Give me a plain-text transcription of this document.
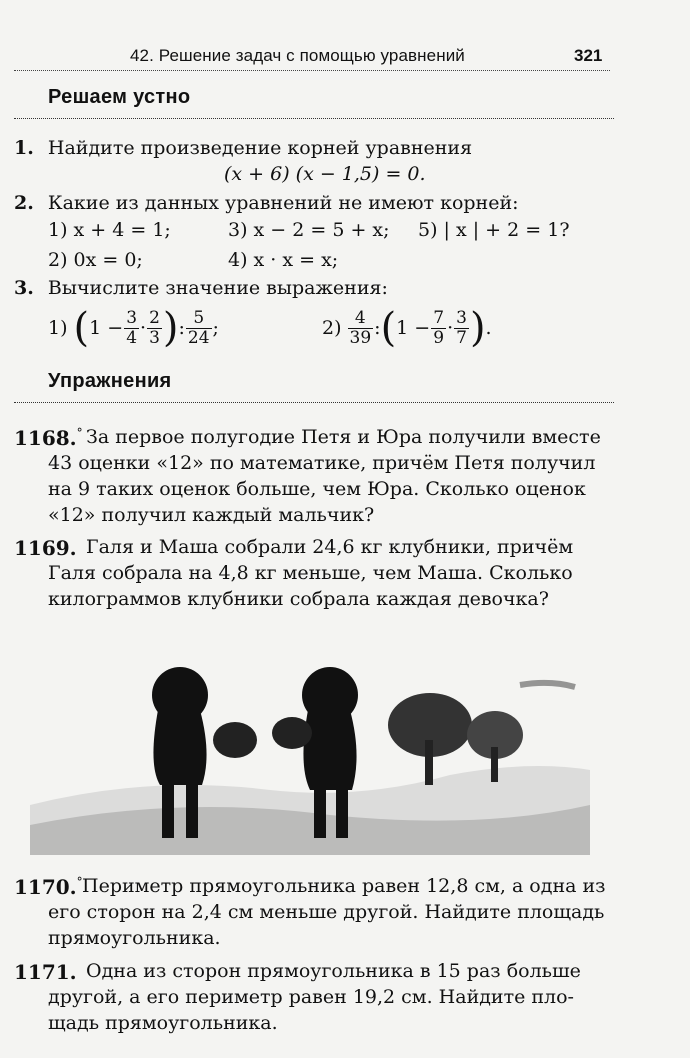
42. Решение задач с помощью уравнений	321
Решаем устно
1. Найдите произведение корней уравнения
(x + 6) (x − 1,5) = 0.
2. Какие из данных уравнений не имеют корней:
1) x + 4 = 1;	3) x − 2 = 5 + x; 5) | x | + 2 = 1?
2) 0x = 0;	4) x · x = x;
3. Вычислите значение выражения:
1) ( $1 - \frac{3}{4} \cdot \frac{2}{3}$ ) : $\frac{5}{24}$ ;	$2) \frac{4}{39}$ : ( $1 - \frac{7}{9} \cdot \frac{3}{7}$ ) .
Упражнения
1168.° За первое полугодие Петя и Юра получили вместе
43 оценки «12» по математике, причём Петя получил
на 9 таких оценок больше, чем Юра. Сколько оценок
«12» получил каждый мальчик?
1169. Галя и Маша собрали 24,6 кг клубники, причём
Галя собрала на 4,8 кг меньше, чем Маша. Сколько
килограммов клубники собрала каждая девочка?
1170.° Периметр прямоугольника равен 12,8 см, а одна из
его сторон на 2,4 см меньше другой. Найдите площадь
прямоугольника.
1171. Одна из сторон прямоугольника в 15 раз больше
другой, а его периметр равен 19,2 см. Найдите пло-
щадь прямоугольника.
